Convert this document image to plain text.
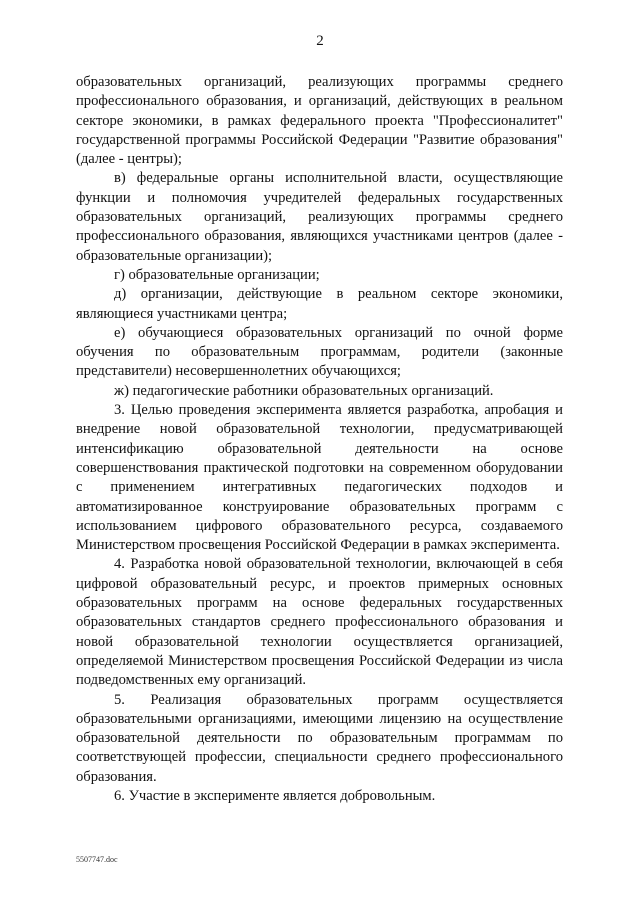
2

образовательных организаций, реализующих программы среднего профессионального образования, и организаций, действующих в реальном секторе экономики, в рамках федерального проекта "Профессионалитет" государственной программы Российской Федерации "Развитие образования" (далее - центры);

в) федеральные органы исполнительной власти, осуществляющие функции и полномочия учредителей федеральных государственных образовательных организаций, реализующих программы среднего профессионального образования, являющихся участниками центров (далее - образовательные организации);

г) образовательные организации;

д) организации, действующие в реальном секторе экономики, являющиеся участниками центра;

е) обучающиеся образовательных организаций по очной форме обучения по образовательным программам, родители (законные представители) несовершеннолетних обучающихся;

ж) педагогические работники образовательных организаций.

3. Целью проведения эксперимента является разработка, апробация и внедрение новой образовательной технологии, предусматривающей интенсификацию образовательной деятельности на основе совершенствования практической подготовки на современном оборудовании с применением интегративных педагогических подходов и автоматизированное конструирование образовательных программ с использованием цифрового образовательного ресурса, создаваемого Министерством просвещения Российской Федерации в рамках эксперимента.

4. Разработка новой образовательной технологии, включающей в себя цифровой образовательный ресурс, и проектов примерных основных образовательных программ на основе федеральных государственных образовательных стандартов среднего профессионального образования и новой образовательной технологии осуществляется организацией, определяемой Министерством просвещения Российской Федерации из числа подведомственных ему организаций.

5. Реализация образовательных программ осуществляется образовательными организациями, имеющими лицензию на осуществление образовательной деятельности по образовательным программам по соответствующей профессии, специальности среднего профессионального образования.

6. Участие в эксперименте является добровольным.

5507747.doc
